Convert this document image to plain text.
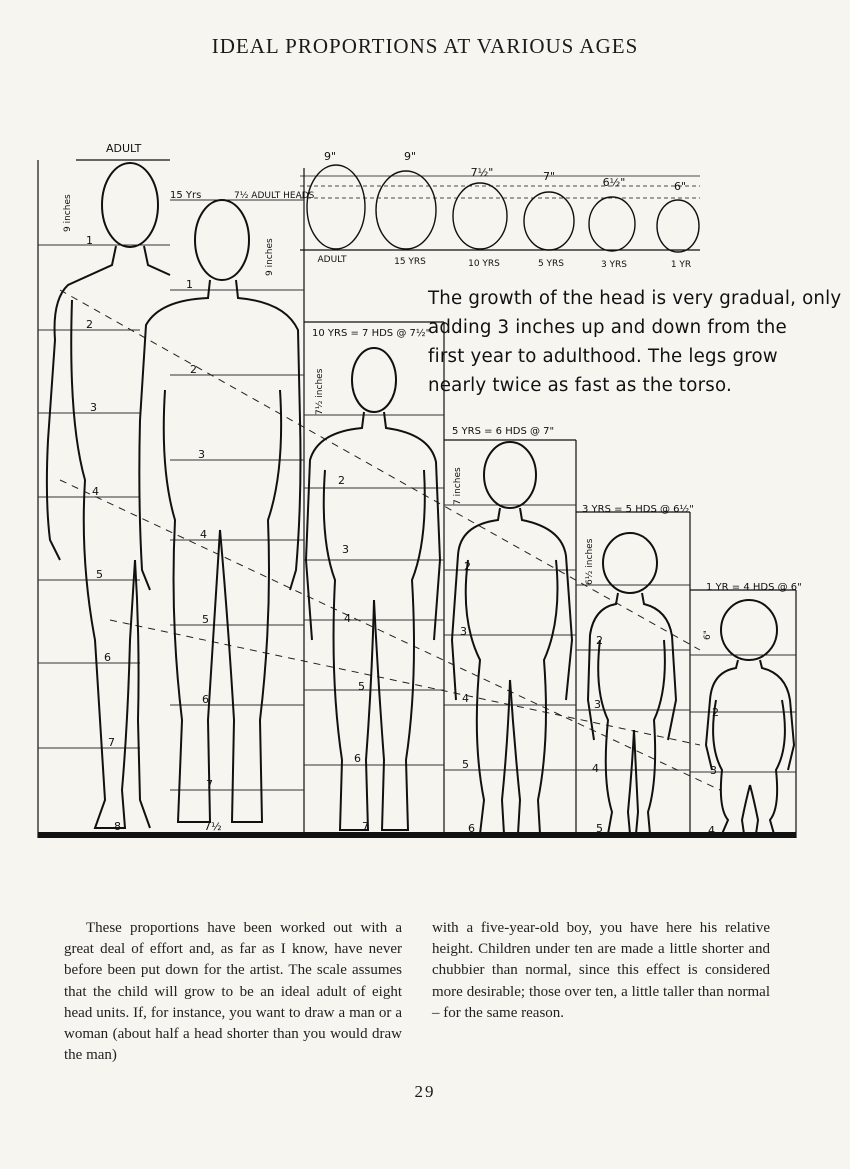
IDEAL PROPORTIONS AT VARIOUS AGES
9"	9"
7½"	7"	6½"	6"
ADULT	15 YRS	10 YRS	5 YRS	3 YRS	1 YR
ADULT
9 inches	15 Yrs	7½ ADULT HEADS
9 inches
10 YRS = 7 HDS @ 7½"
7½ inches
5 YRS = 6 HDS @ 7"
7 inches
3 YRS = 5 HDS @ 6½"
6½ inches
1 YR = 4 HDS @ 6"
6"
1
2
3
4
5
6
7
8
1
2
3
4
5
6
7
7½
2
3
4
5
6
7
2
3
4
5
6
2
3
4
5
2
3
4
The growth of the head is very gradual, only
adding 3 inches up and down from the
first year to adulthood. The legs grow
nearly twice as fast as the torso.
These proportions have been worked out with a great deal of effort and, as far as I know, have never before been put down for the artist. The scale assumes that the child will grow to be an ideal adult of eight head units. If, for instance, you want to draw a man or a woman (about half a head shorter than you would draw the man)
with a five-year-old boy, you have here his relative height. Children under ten are made a little shorter and chubbier than normal, since this effect is considered more desirable; those over ten, a little taller than normal – for the same reason.
29
